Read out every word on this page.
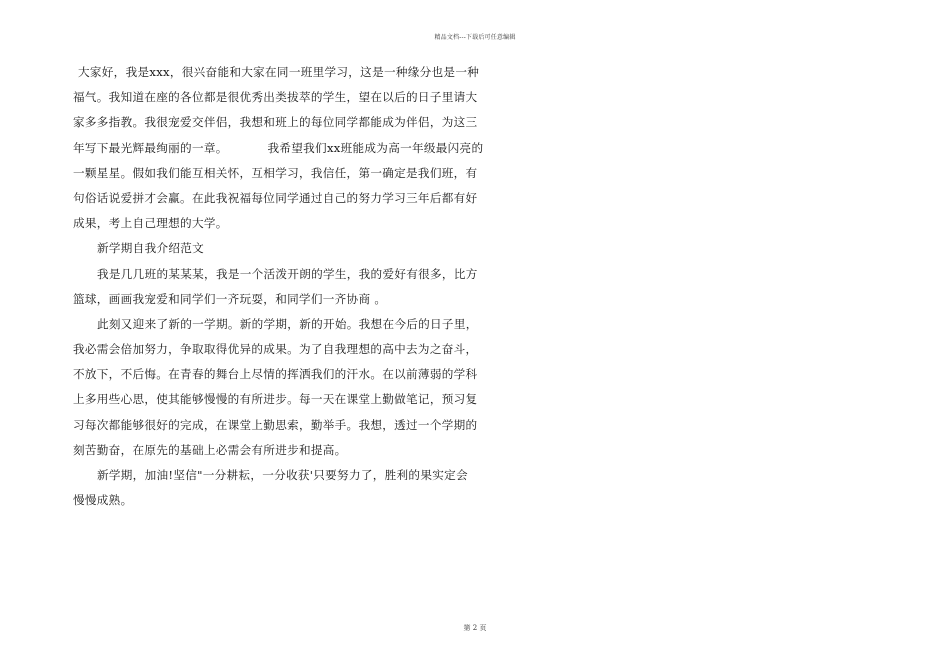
精品文档---下载后可任意编辑
大家好，我是xxx，很兴奋能和大家在同一班里学习，这是一种缘分也是一种
福气。我知道在座的各位都是很优秀出类拔萃的学生，望在以后的日子里请大
家多多指教。我很宠爱交伴侣，我想和班上的每位同学都能成为伴侣，为这三
年写下最光辉最绚丽的一章。          我希望我们xx班能成为高一年级最闪亮的
一颗星星。假如我们能互相关怀，互相学习，我信任，第一确定是我们班，有
句俗话说爱拼才会赢。在此我祝福每位同学通过自己的努力学习三年后都有好
成果，考上自己理想的大学。
新学期自我介绍范文
我是几几班的某某某，我是一个活泼开朗的学生，我的爱好有很多，比方
篮球，画画我宠爱和同学们一齐玩耍，和同学们一齐协商 。
此刻又迎来了新的一学期。新的学期，新的开始。我想在今后的日子里，
我必需会倍加努力，争取取得优异的成果。为了自我理想的高中去为之奋斗，
不放下，不后悔。在青春的舞台上尽情的挥洒我们的汗水。在以前薄弱的学科
上多用些心思，使其能够慢慢的有所进步。每一天在课堂上勤做笔记，预习复
习每次都能够很好的完成，在课堂上勤思索，勤举手。我想，透过一个学期的
刻苦勤奋，在原先的基础上必需会有所进步和提高。
新学期，加油!坚信"一分耕耘，一分收获'只要努力了，胜利的果实定会
慢慢成熟。
第 2 页
